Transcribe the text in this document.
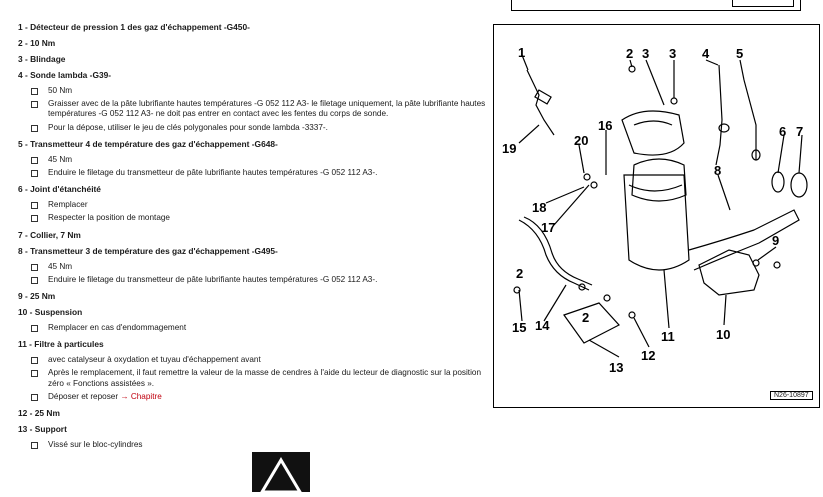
1 - Détecteur de pression 1 des gaz d'échappement -G450-
2 - 10 Nm
3 - Blindage
4 - Sonde lambda -G39-
50 Nm
Graisser avec de la pâte lubrifiante hautes températures -G 052 112 A3- le filetage uniquement, la pâte lubrifiante hautes températures -G 052 112 A3- ne doit pas entrer en contact avec les fentes du corps de sonde.
Pour la dépose, utiliser le jeu de clés polygonales pour sonde lambda -3337-.
5 - Transmetteur 4 de température des gaz d'échappement -G648-
45 Nm
Enduire le filetage du transmetteur de pâte lubrifiante hautes températures -G 052 112 A3-.
6 - Joint d'étanchéité
Remplacer
Respecter la position de montage
7 - Collier, 7 Nm
8 - Transmetteur 3 de température des gaz d'échappement -G495-
45 Nm
Enduire le filetage du transmetteur de pâte lubrifiante hautes températures -G 052 112 A3-.
9 - 25 Nm
10 - Suspension
Remplacer en cas d'endommagement
11 - Filtre à particules
avec catalyseur à oxydation et tuyau d'échappement avant
Après le remplacement, il faut remettre la valeur de la masse de cendres à l'aide du lecteur de diagnostic sur la position zéro « Fonctions assistées ».
Déposer et reposer → Chapitre
12 - 25 Nm
13 - Support
Vissé sur le bloc-cylindres
1	2 3 3 4 5
6 7
8
9
10
11
12
13
14
15
16
17
18
19
20
2
2
N26-10897
